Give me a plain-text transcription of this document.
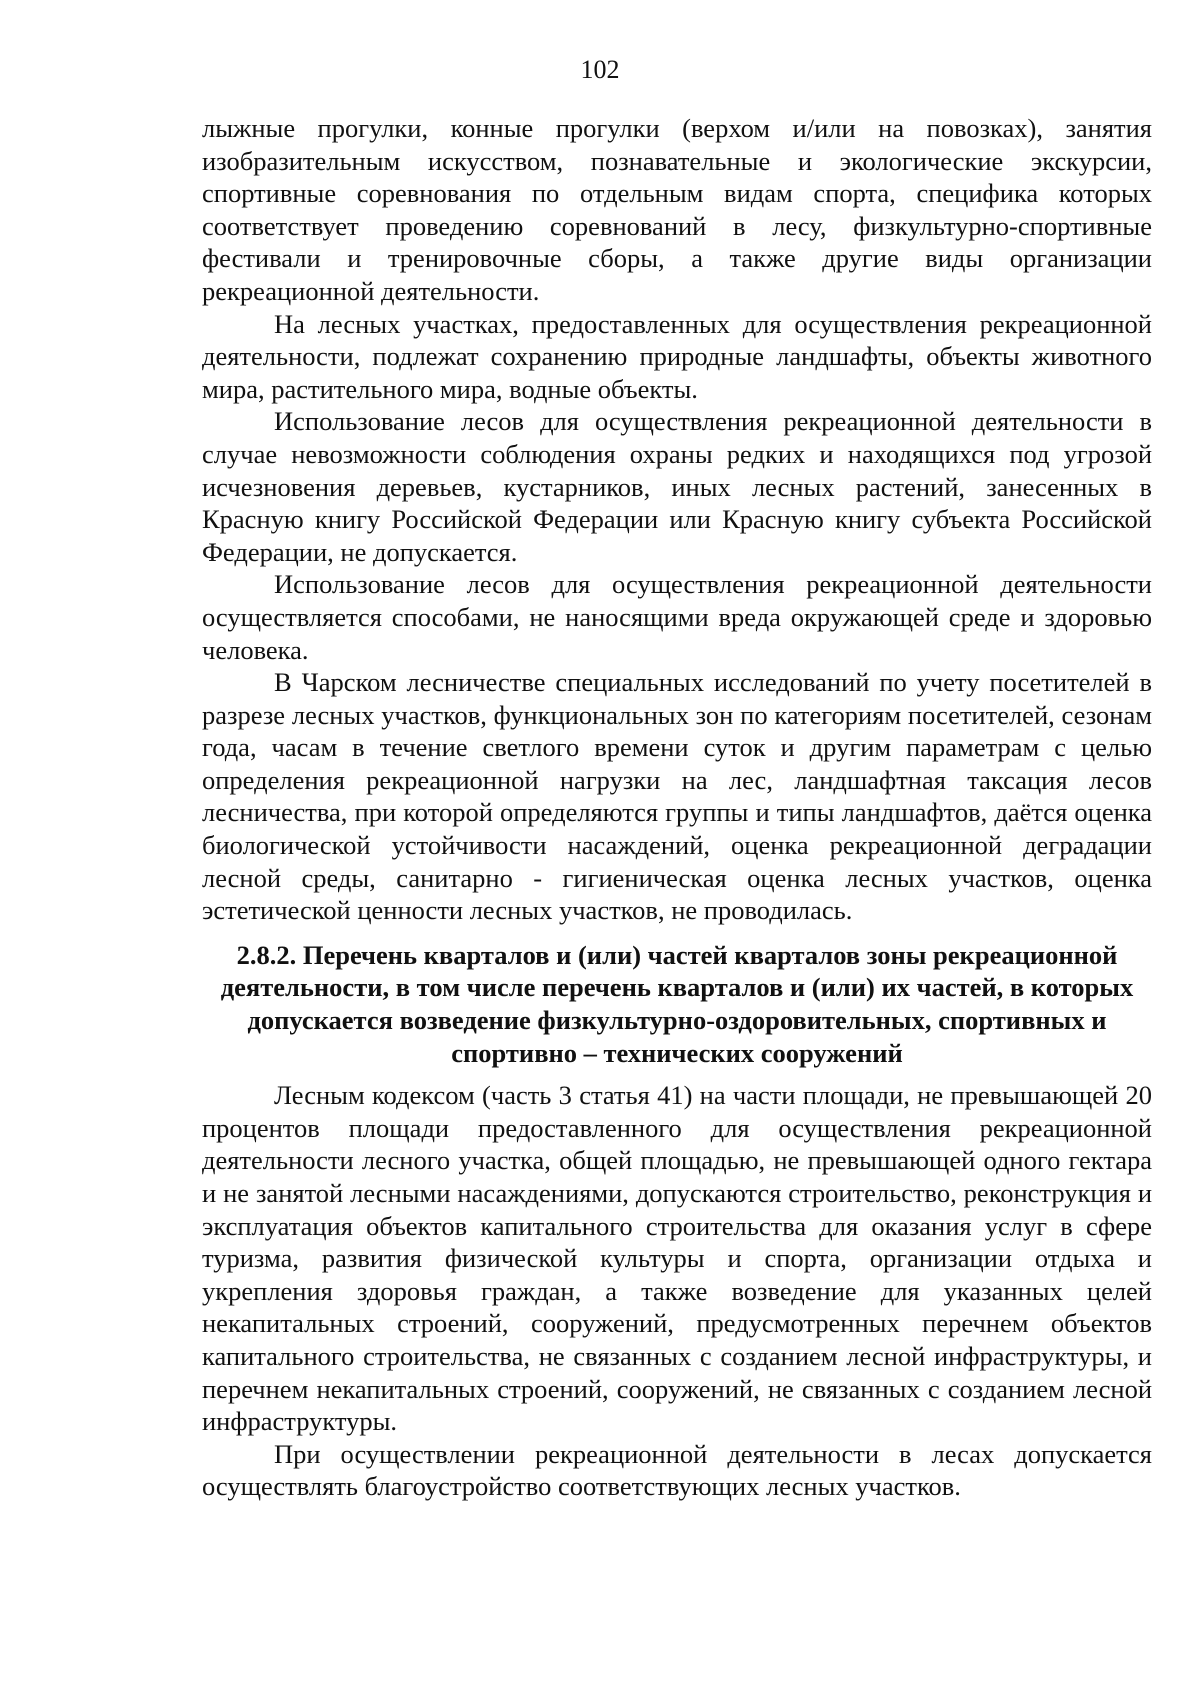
102

лыжные прогулки, конные прогулки (верхом и/или на повозках), занятия изобразительным искусством, познавательные и экологические экскурсии, спортивные соревнования по отдельным видам спорта, специфика которых соответствует проведению соревнований в лесу, физкультурно-спортивные фестивали и тренировочные сборы, а также другие виды организации рекреационной деятельности.

На лесных участках, предоставленных для осуществления рекреационной деятельности, подлежат сохранению природные ландшафты, объекты животного мира, растительного мира, водные объекты.

Использование лесов для осуществления рекреационной деятельности в случае невозможности соблюдения охраны редких и находящихся под угрозой исчезновения деревьев, кустарников, иных лесных растений, занесенных в Красную книгу Российской Федерации или Красную книгу субъекта Российской Федерации, не допускается.

Использование лесов для осуществления рекреационной деятельности осуществляется способами, не наносящими вреда окружающей среде и здоровью человека.

В Чарском лесничестве специальных исследований по учету посетителей в разрезе лесных участков, функциональных зон по категориям посетителей, сезонам года, часам в течение светлого времени суток и другим параметрам с целью определения рекреационной нагрузки на лес, ландшафтная таксация лесов лесничества, при которой определяются группы и типы ландшафтов, даётся оценка биологической устойчивости насаждений, оценка рекреационной деградации лесной среды, санитарно - гигиеническая оценка лесных участков, оценка эстетической ценности лесных участков, не проводилась.

2.8.2. Перечень кварталов и (или) частей кварталов зоны рекреационной деятельности, в том числе перечень кварталов и (или) их частей, в которых допускается возведение физкультурно-оздоровительных, спортивных и спортивно – технических сооружений

Лесным кодексом (часть 3 статья 41) на части площади, не превышающей 20 процентов площади предоставленного для осуществления рекреационной деятельности лесного участка, общей площадью, не превышающей одного гектара и не занятой лесными насаждениями, допускаются строительство, реконструкция и эксплуатация объектов капитального строительства для оказания услуг в сфере туризма, развития физической культуры и спорта, организации отдыха и укрепления здоровья граждан, а также возведение для указанных целей некапитальных строений, сооружений, предусмотренных перечнем объектов капитального строительства, не связанных с созданием лесной инфраструктуры, и перечнем некапитальных строений, сооружений, не связанных с созданием лесной инфраструктуры.

При осуществлении рекреационной деятельности в лесах допускается осуществлять благоустройство соответствующих лесных участков.
